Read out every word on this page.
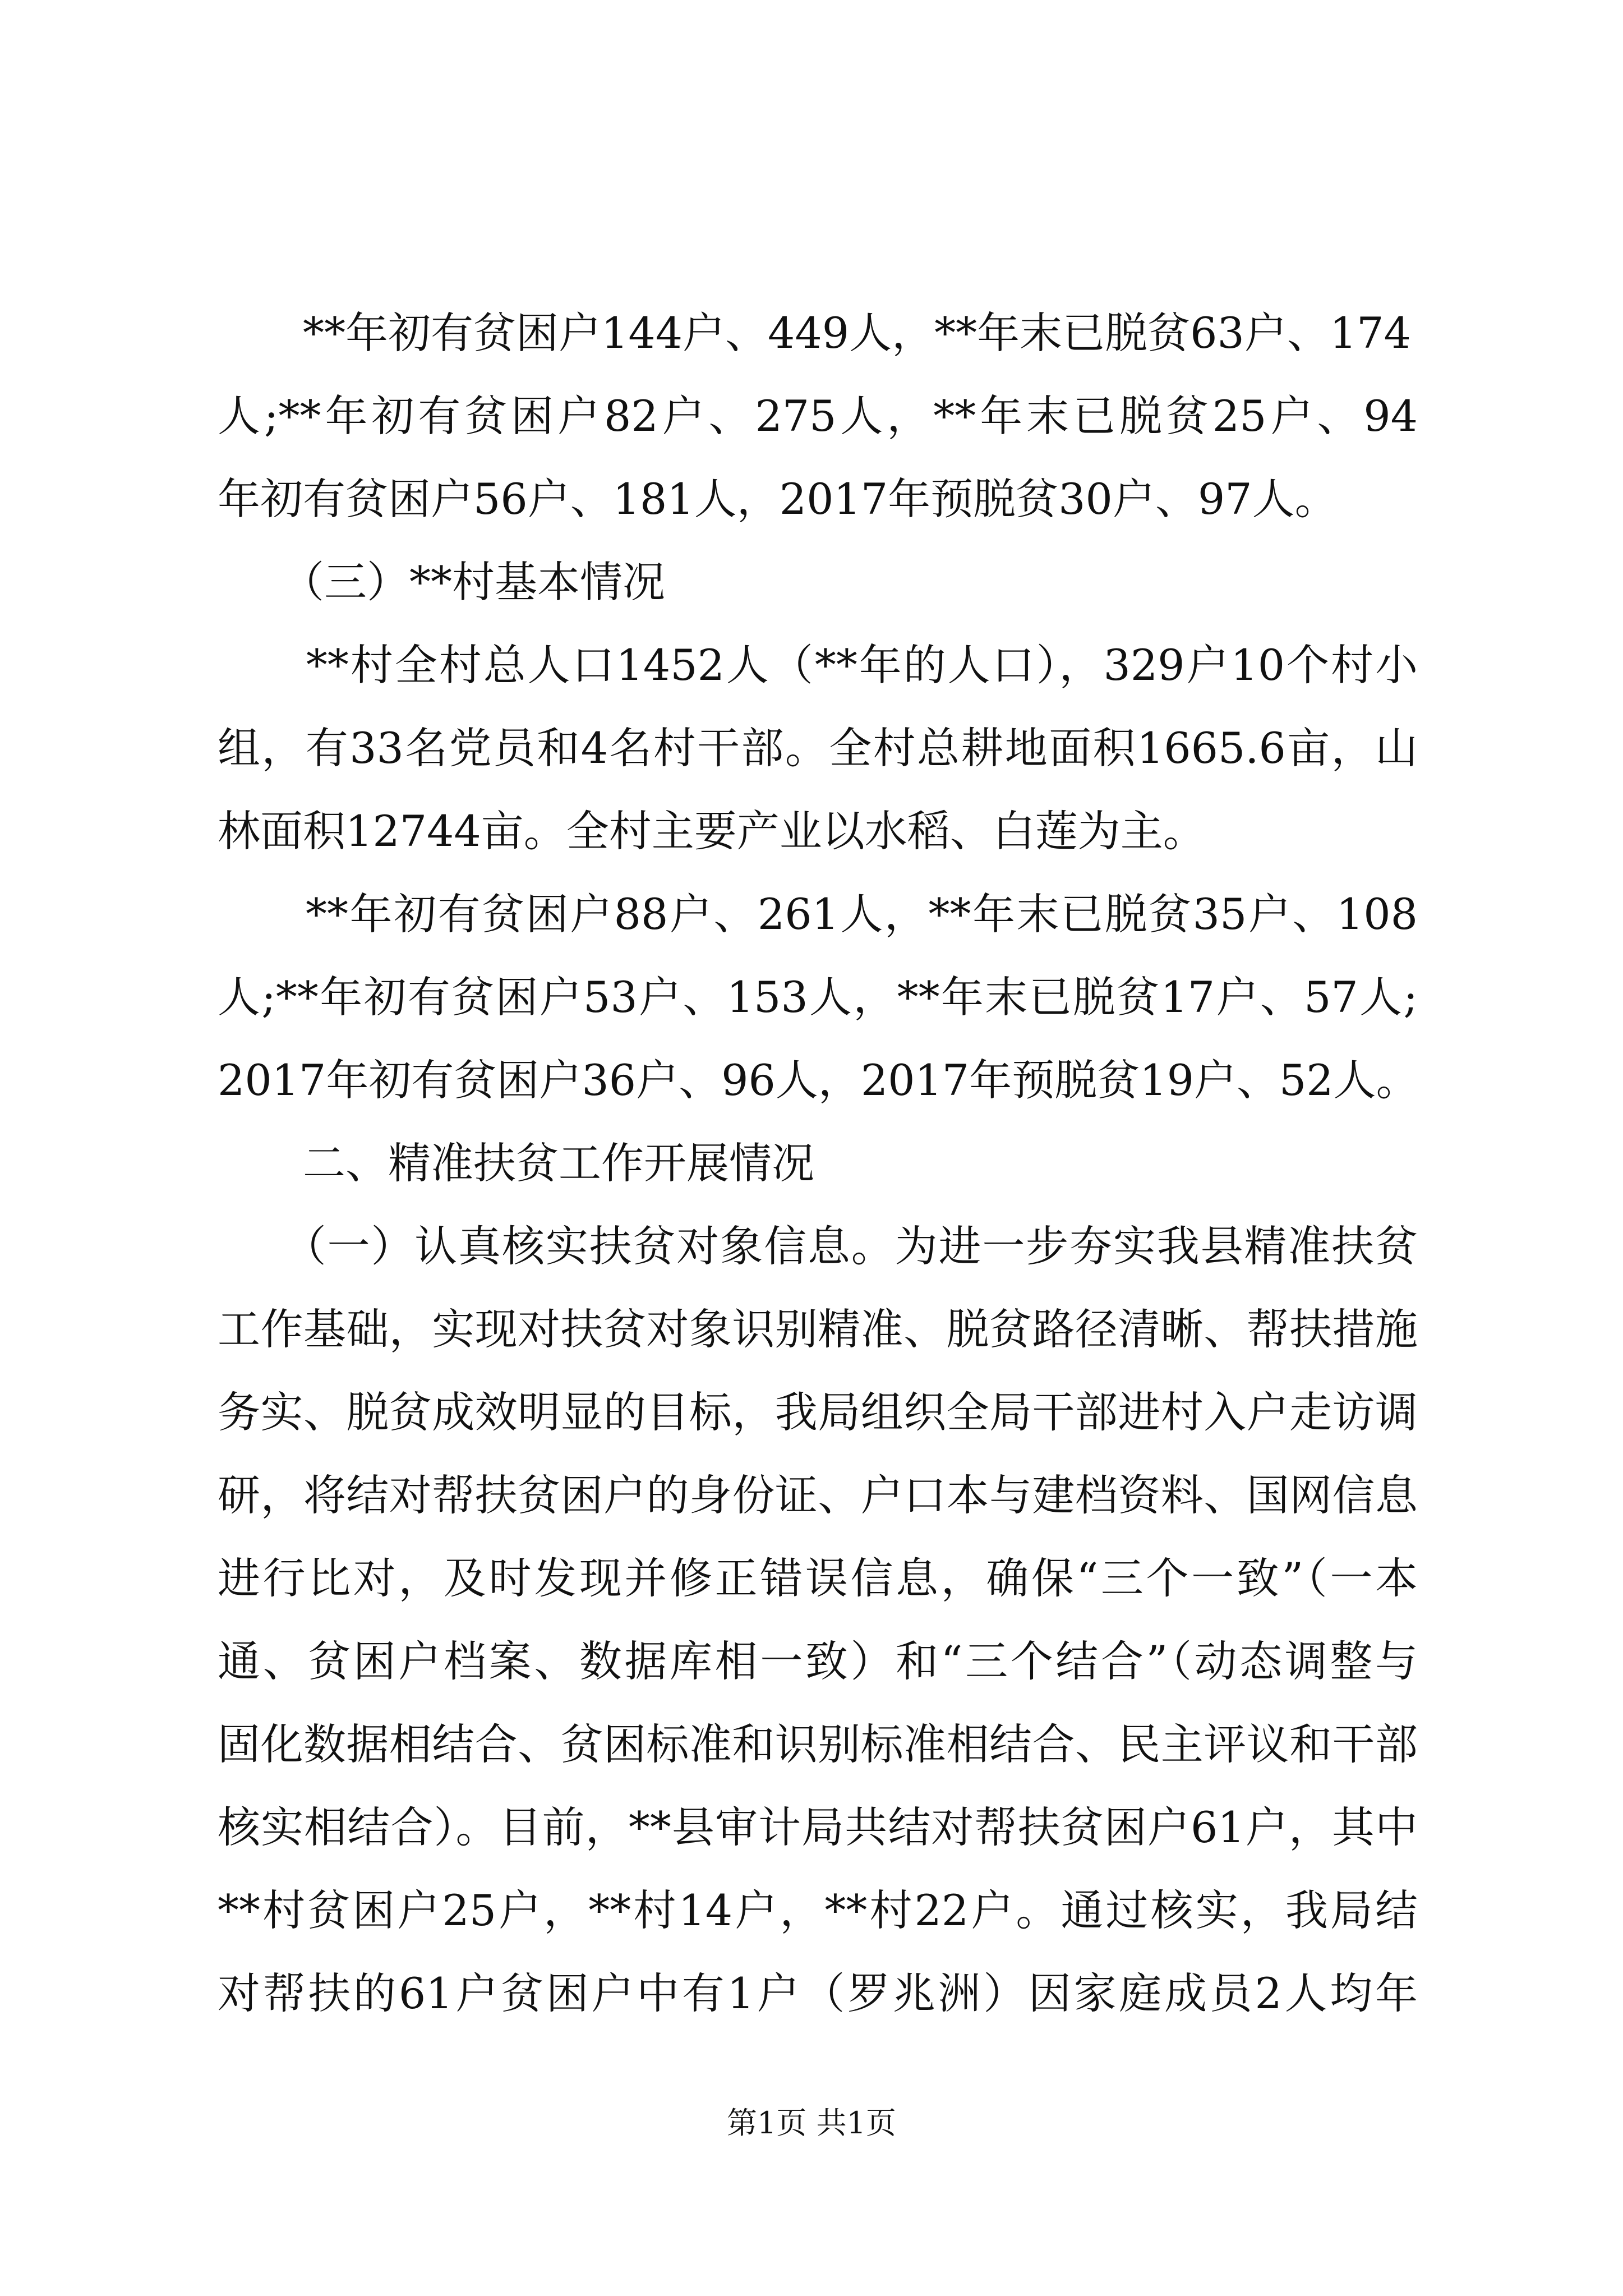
　　**年初有贫困户144户、449人，**年末已脱贫63户、174
人;**年初有贫困户82户、275人，**年末已脱贫25户、94
年初有贫困户56户、181人，2017年预脱贫30户、97人。
　　（三）**村基本情况
　　**村全村总人口1452人（**年的人口），329户10个村小
组，有33名党员和4名村干部。全村总耕地面积1665.6亩，山
林面积12744亩。全村主要产业以水稻、白莲为主。
　　**年初有贫困户88户、261人，**年末已脱贫35户、108
人;**年初有贫困户53户、153人，**年末已脱贫17户、57人;
2017年初有贫困户36户、96人，2017年预脱贫19户、52人。
　　二、精准扶贫工作开展情况
　　（一）认真核实扶贫对象信息。为进一步夯实我县精准扶贫
工作基础，实现对扶贫对象识别精准、脱贫路径清晰、帮扶措施
务实、脱贫成效明显的目标，我局组织全局干部进村入户走访调
研，将结对帮扶贫困户的身份证、户口本与建档资料、国网信息
进行比对，及时发现并修正错误信息，确保“三个一致”（一本
通、贫困户档案、数据库相一致）和“三个结合”（动态调整与
固化数据相结合、贫困标准和识别标准相结合、民主评议和干部
核实相结合）。目前，**县审计局共结对帮扶贫困户61户，其中
**村贫困户25户，**村14户，**村22户。通过核实，我局结
对帮扶的61户贫困户中有1户（罗兆洲）因家庭成员2人均年
第1页 共1页
